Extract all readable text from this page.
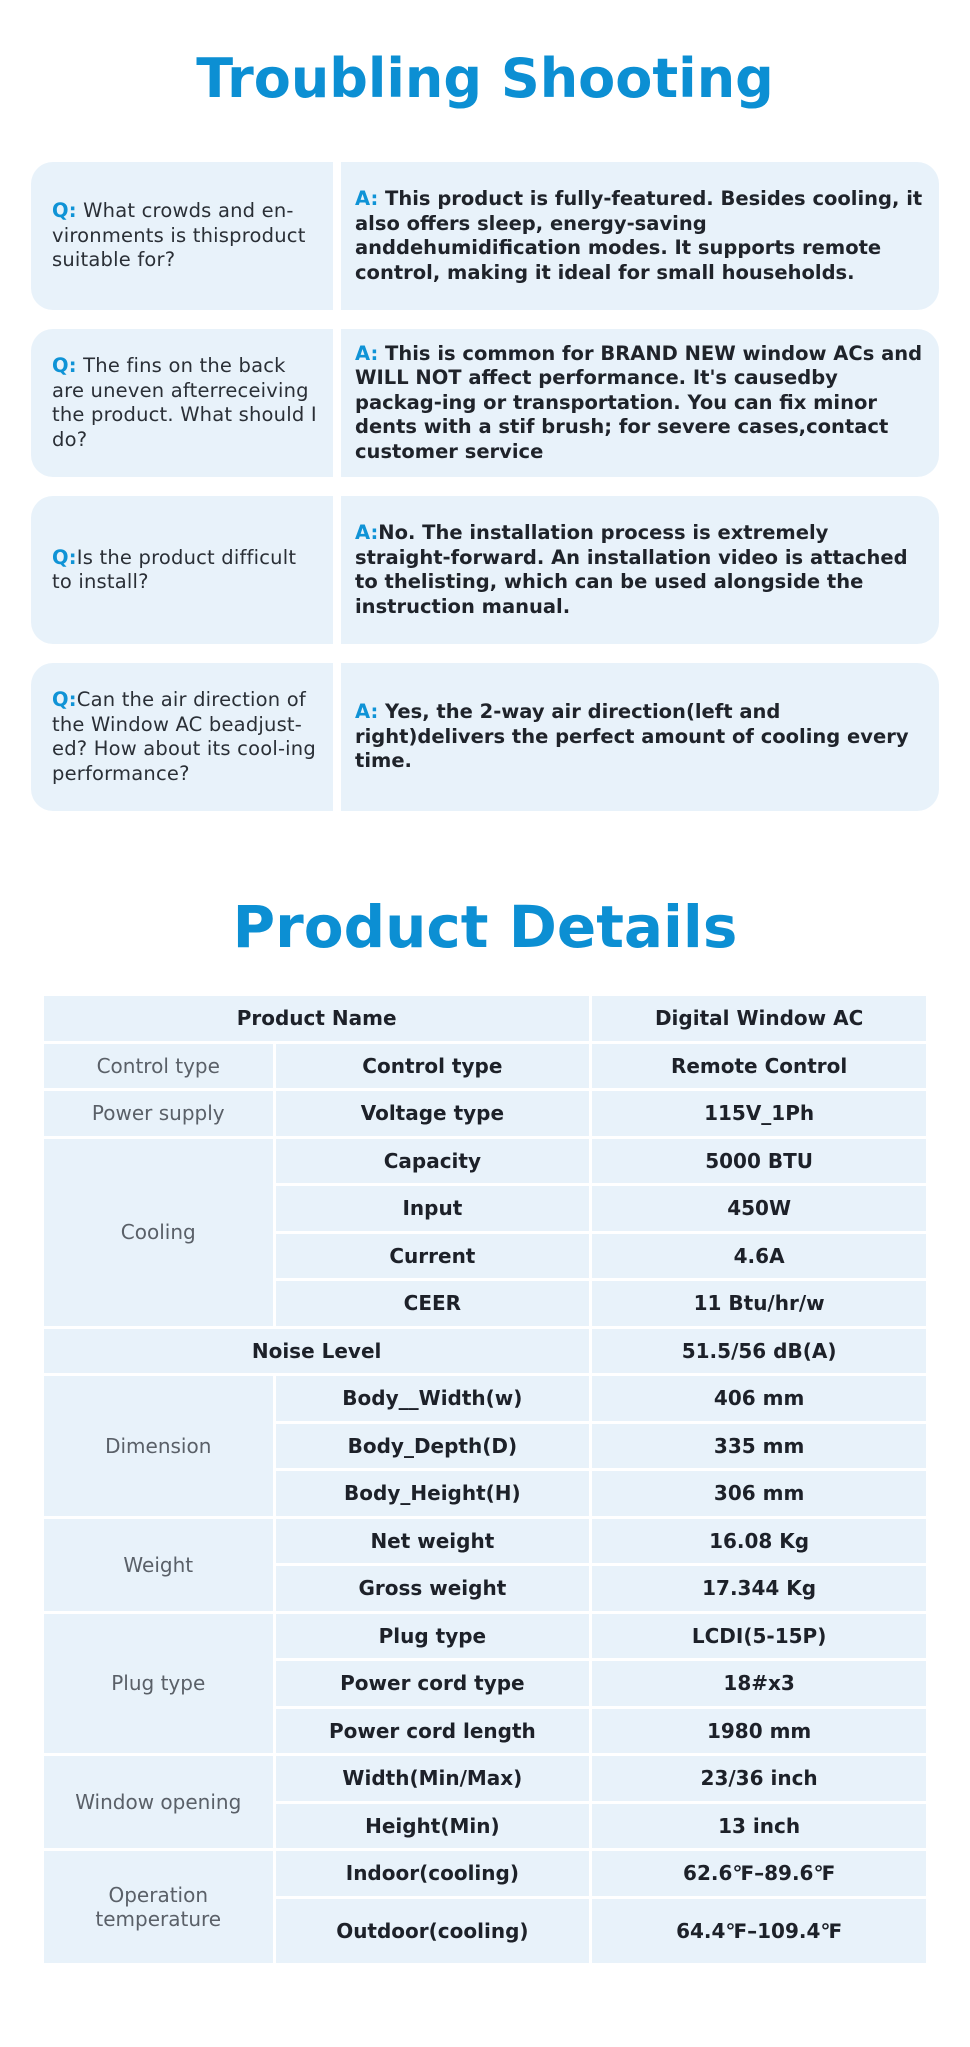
Troubling Shooting
Q: What crowds and en-vironments is thisproduct suitable for?
A: This product is fully-featured. Besides cooling, it also offers sleep, energy-saving anddehumidification modes. It supports remote control, making it ideal for small households.
Q: The fins on the back are uneven afterreceiving the product. What should I do?
A: This is common for BRAND NEW window ACs and WILL NOT affect performance. It's causedby packag-ing or transportation. You can fix minor dents with a stif brush; for severe cases,contact customer service
Q:Is the product difficult to install?
A:No. The installation process is extremely straight-forward. An installation video is attached to thelisting, which can be used alongside the instruction manual.
Q:Can the air direction of the Window AC beadjust-ed? How about its cool-ing performance?
A: Yes, the 2-way air direction(left and right)delivers the perfect amount of cooling every time.
Product Details
Product Name		Digital Window AC
Control type	Control type	Remote Control
Power supply	Voltage type	115V_1Ph
Cooling	Capacity	5000 BTU
	Input	450W
	Current	4.6A
	CEER	11 Btu/hr/w
Noise Level		51.5/56 dB(A)
Dimension	Body__Width(w)	406 mm
	Body_Depth(D)	335 mm
	Body_Height(H)	306 mm
Weight	Net weight	16.08 Kg
	Gross weight	17.344 Kg
Plug type	Plug type	LCDI(5-15P)
	Power cord type	18#x3
	Power cord length	1980 mm
Window opening	Width(Min/Max)	23/36 inch
	Height(Min)	13 inch
Operation temperature	Indoor(cooling)	62.6℉–89.6℉
	Outdoor(cooling)	64.4℉–109.4℉
